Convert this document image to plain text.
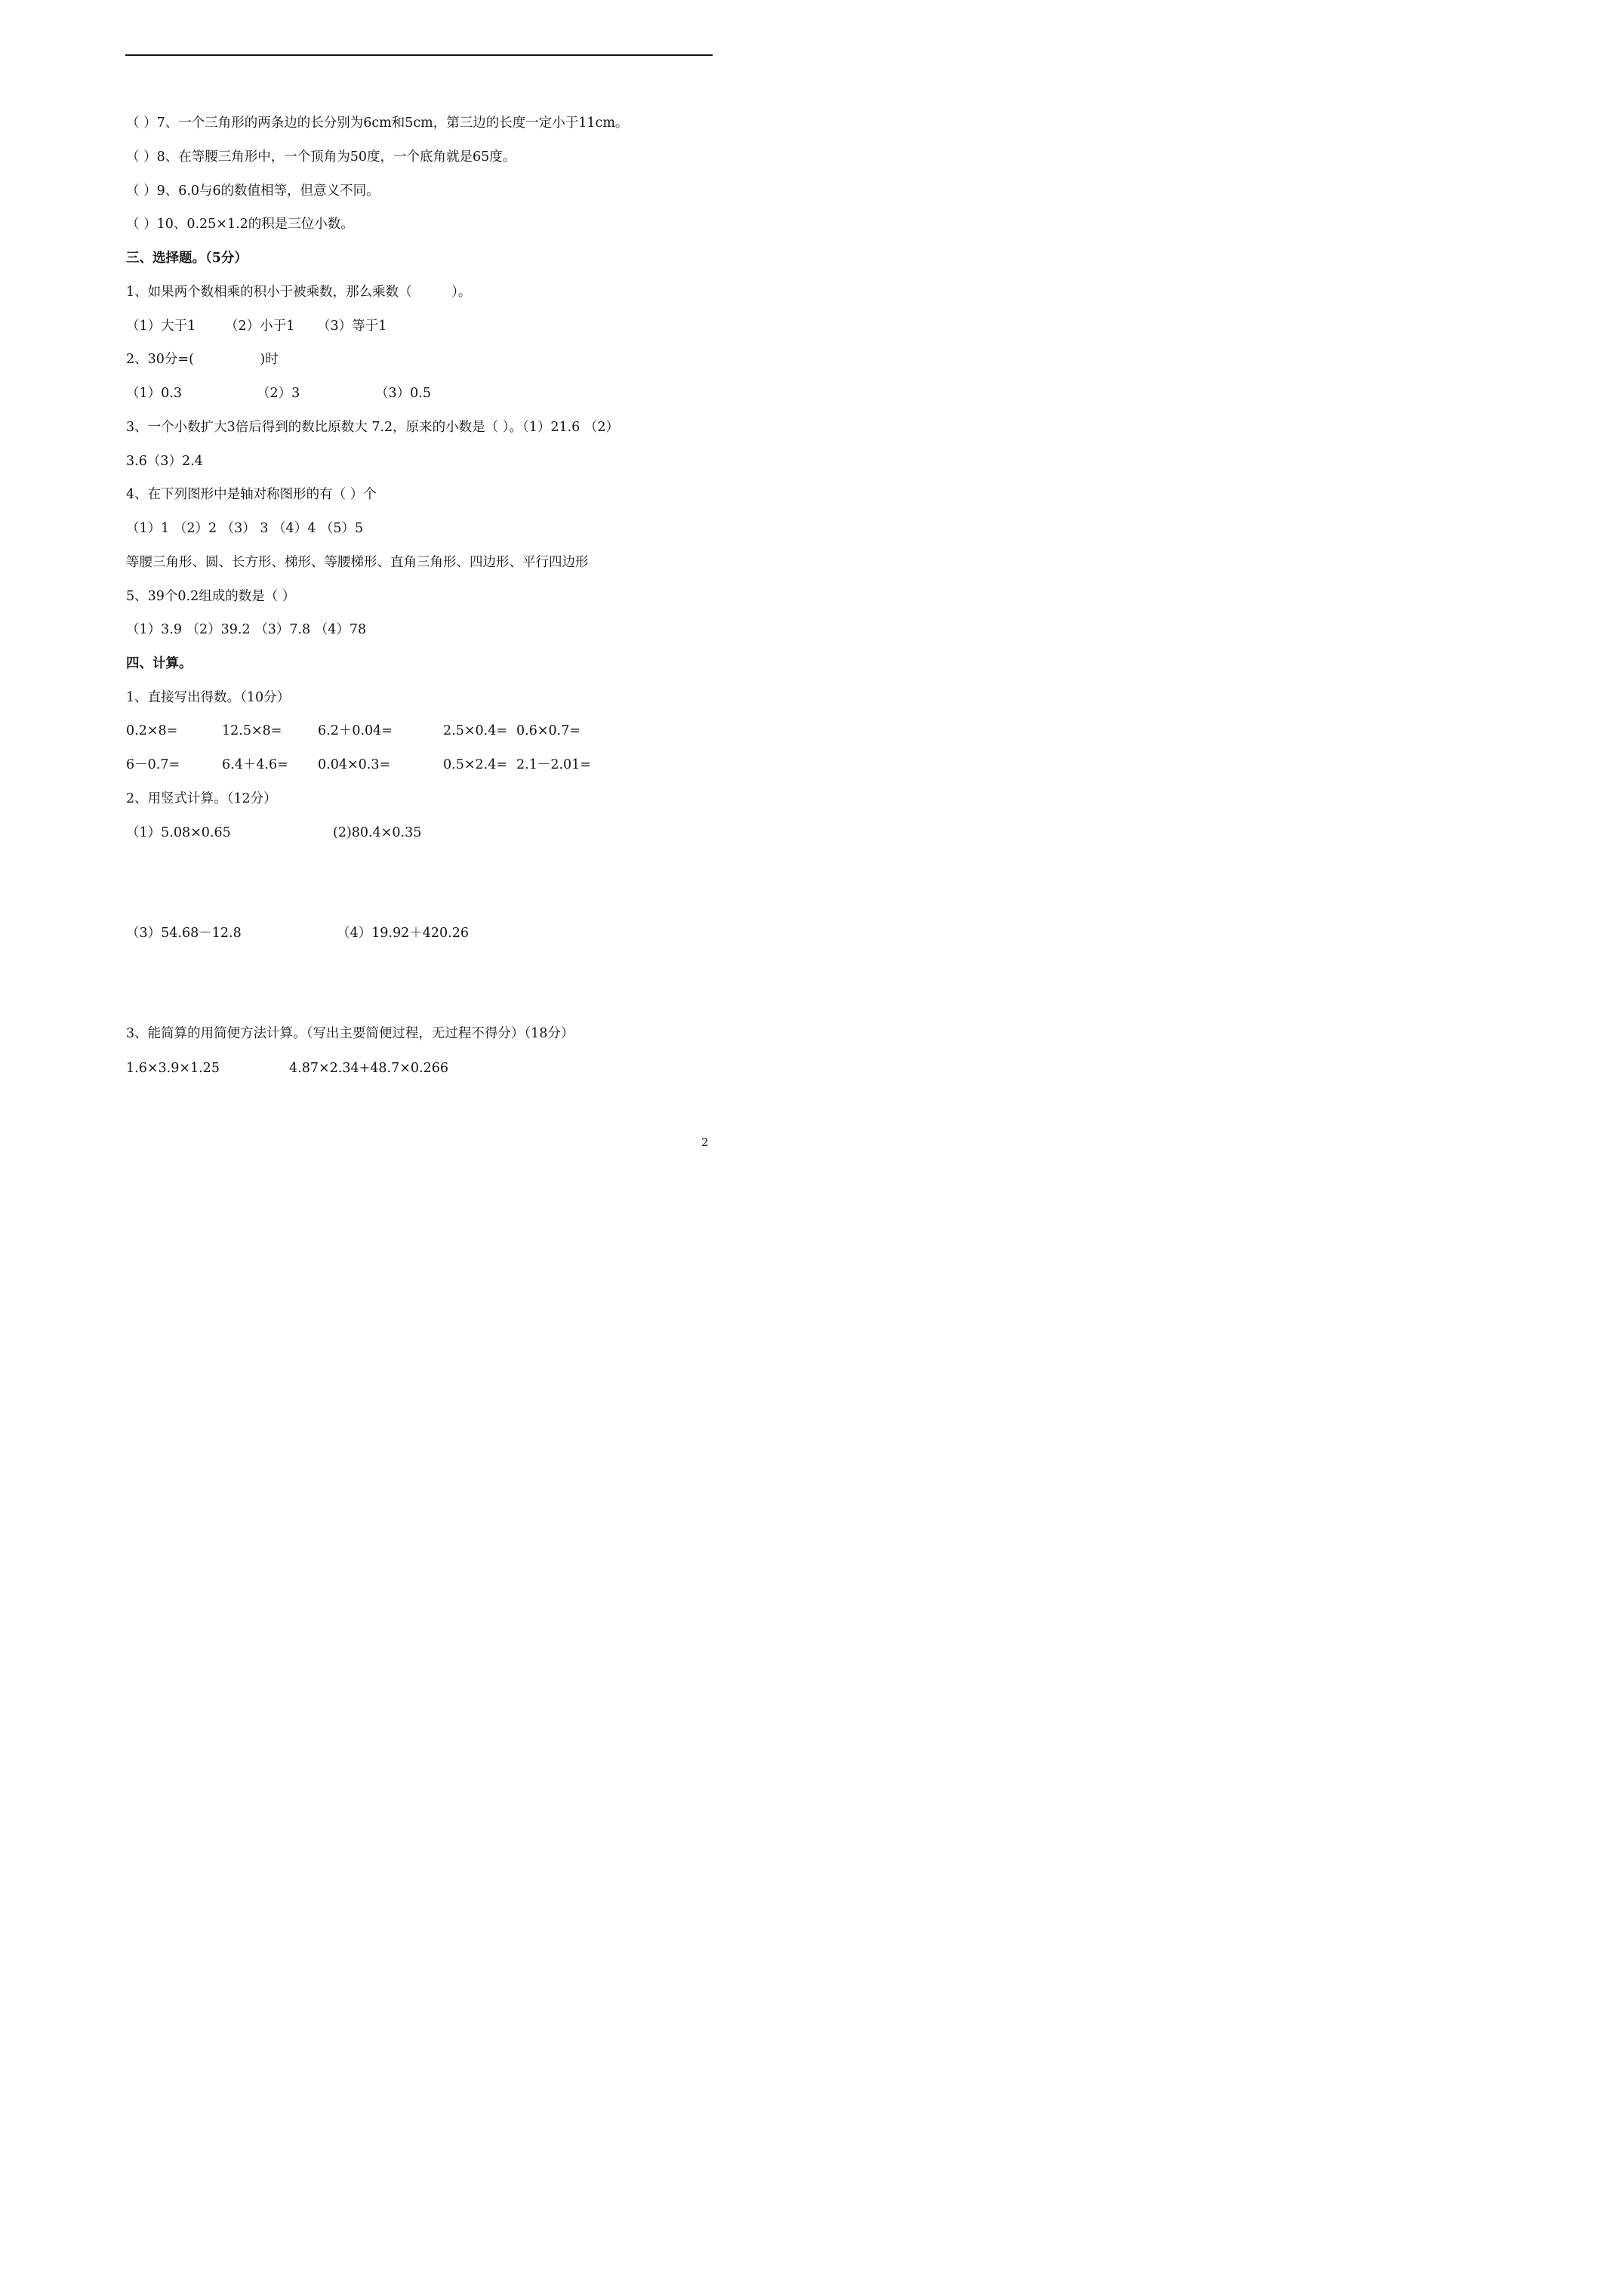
（ ）7、一个三角形的两条边的长分别为6cm和5cm，第三边的长度一定小于11cm。
（ ）8、在等腰三角形中，一个顶角为50度，一个底角就是65度。
（ ）9、6.0与6的数值相等，但意义不同。
（ ）10、0.25×1.2的积是三位小数。
三、选择题。（5分）
1、如果两个数相乘的积小于被乘数，那么乘数（　　　）。
（1）大于1 （2）小于1 （3）等于1
2、30分=(　　　　　)时
（1）0.3	（2）3	（3）0.5
3、一个小数扩大3倍后得到的数比原数大 7.2，原来的小数是（ ）。（1）21.6 （2）
3.6（3）2.4
4、在下列图形中是轴对称图形的有（ ）个
（1）1 （2）2 （3） 3 （4）4 （5）5
等腰三角形、圆、长方形、梯形、等腰梯形、直角三角形、四边形、平行四边形
5、39个0.2组成的数是（ ）
（1）3.9 （2）39.2 （3）7.8 （4）78
四、计算。
1、直接写出得数。（10分）
0.2×8=	12.5×8=	6.2＋0.04=	2.5×0.4= 0.6×0.7=
6－0.7=	6.4＋4.6= 0.04×0.3=	0.5×2.4= 2.1－2.01=
2、用竖式计算。（12分）
（1）5.08×0.65	(2)80.4×0.35
（3）54.68－12.8	（4）19.92＋420.26
3、能简算的用简便方法计算。（写出主要简便过程，无过程不得分）（18分）
1.6×3.9×1.25	4.87×2.34+48.7×0.266
2
